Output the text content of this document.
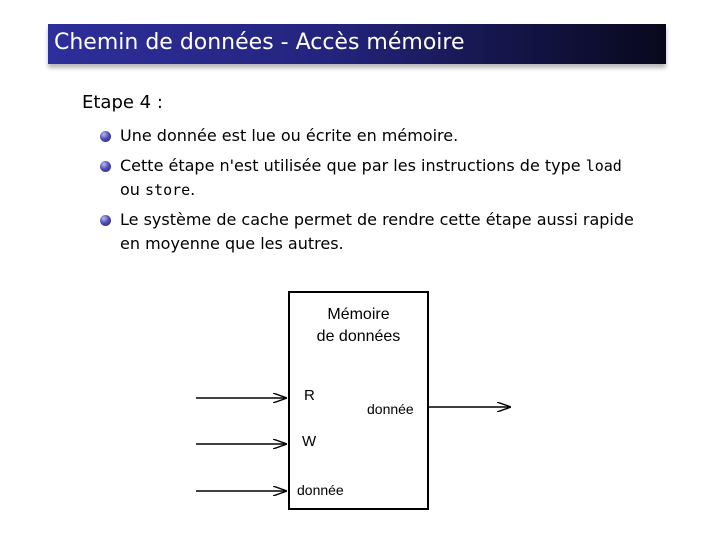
Chemin de données - Accès mémoire
Etape 4 :
Une donnée est lue ou écrite en mémoire.
Cette étape n'est utilisée que par les instructions de type load
ou store.
Le système de cache permet de rendre cette étape aussi rapide
en moyenne que les autres.
Mémoire
de données
R
W
donnée
donnée
